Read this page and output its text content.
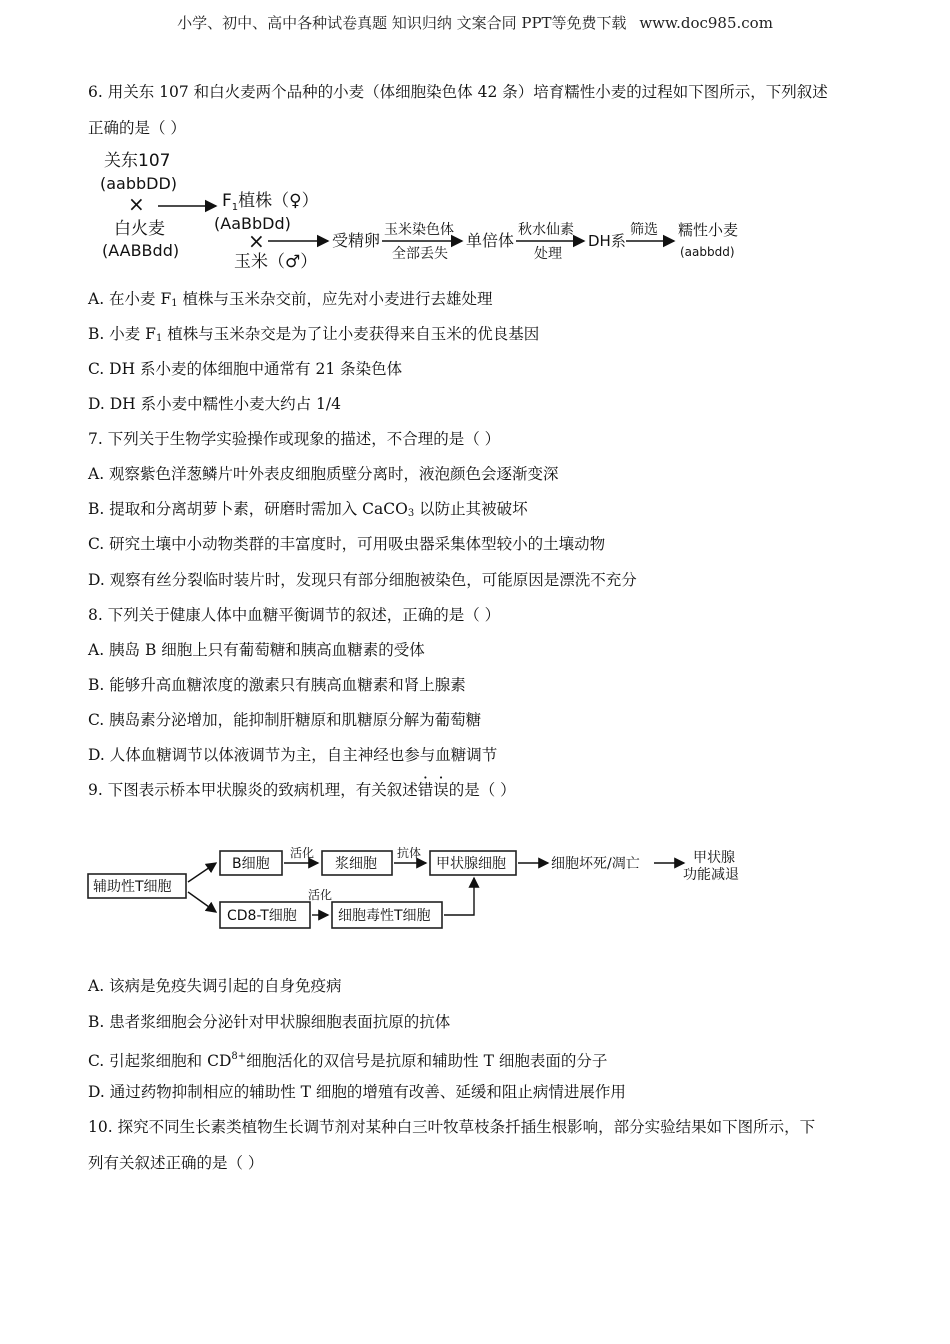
小学、初中、高中各种试卷真题 知识归纳 文案合同 PPT等免费下载 www.doc985.com
6. 用关东 107 和白火麦两个品种的小麦（体细胞染色体 42 条）培育糯性小麦的过程如下图所示，下列叙述
正确的是（ ）
关东107
(aabbDD)
×
白火麦
(AABBdd)
$F_1$植株（♀）
(AaBbDd)
×
玉米（♂）
受精卵
玉米染色体
全部丢失
单倍体
秋水仙素
处理
DH系
筛选 糯性小麦
(aabbdd)
A. 在小麦 $F_1$ 植株与玉米杂交前，应先对小麦进行去雄处理
B. 小麦 $F_1$ 植株与玉米杂交是为了让小麦获得来自玉米的优良基因
C. DH 系小麦的体细胞中通常有 21 条染色体
D. DH 系小麦中糯性小麦大约占 1/4
7. 下列关于生物学实验操作或现象的描述，不合理的是（ ）
A. 观察紫色洋葱鳞片叶外表皮细胞质壁分离时，液泡颜色会逐渐变深
B. 提取和分离胡萝卜素，研磨时需加入 CaCO$_3$ 以防止其被破坏
C. 研究土壤中小动物类群的丰富度时，可用吸虫器采集体型较小的土壤动物
D. 观察有丝分裂临时装片时，发现只有部分细胞被染色，可能原因是漂洗不充分
8. 下列关于健康人体中血糖平衡调节的叙述，正确的是（ ）
A. 胰岛 B 细胞上只有葡萄糖和胰高血糖素的受体
B. 能够升高血糖浓度的激素只有胰高血糖素和肾上腺素
C. 胰岛素分泌增加，能抑制肝糖原和肌糖原分解为葡萄糖
D. 人体血糖调节以体液调节为主，自主神经也参与血糖调节
9. 下图表示桥本甲状腺炎的致病机理，有关叙述错误的是（ ）
辅助性T细胞
B细胞
活化
浆细胞
抗体
甲状腺细胞	细胞坏死/凋亡	甲状腺
功能减退
CD8-T细胞
活化
细胞毒性T细胞
A. 该病是免疫失调引起的自身免疫病
B. 患者浆细胞会分泌针对甲状腺细胞表面抗原的抗体
C. 引起浆细胞和 $CD^{8+}$细胞活化的双信号是抗原和辅助性 T 细胞表面的分子
D. 通过药物抑制相应的辅助性 T 细胞的增殖有改善、延缓和阻止病情进展作用
10. 探究不同生长素类植物生长调节剂对某种白三叶牧草枝条扦插生根影响，部分实验结果如下图所示，下
列有关叙述正确的是（ ）
